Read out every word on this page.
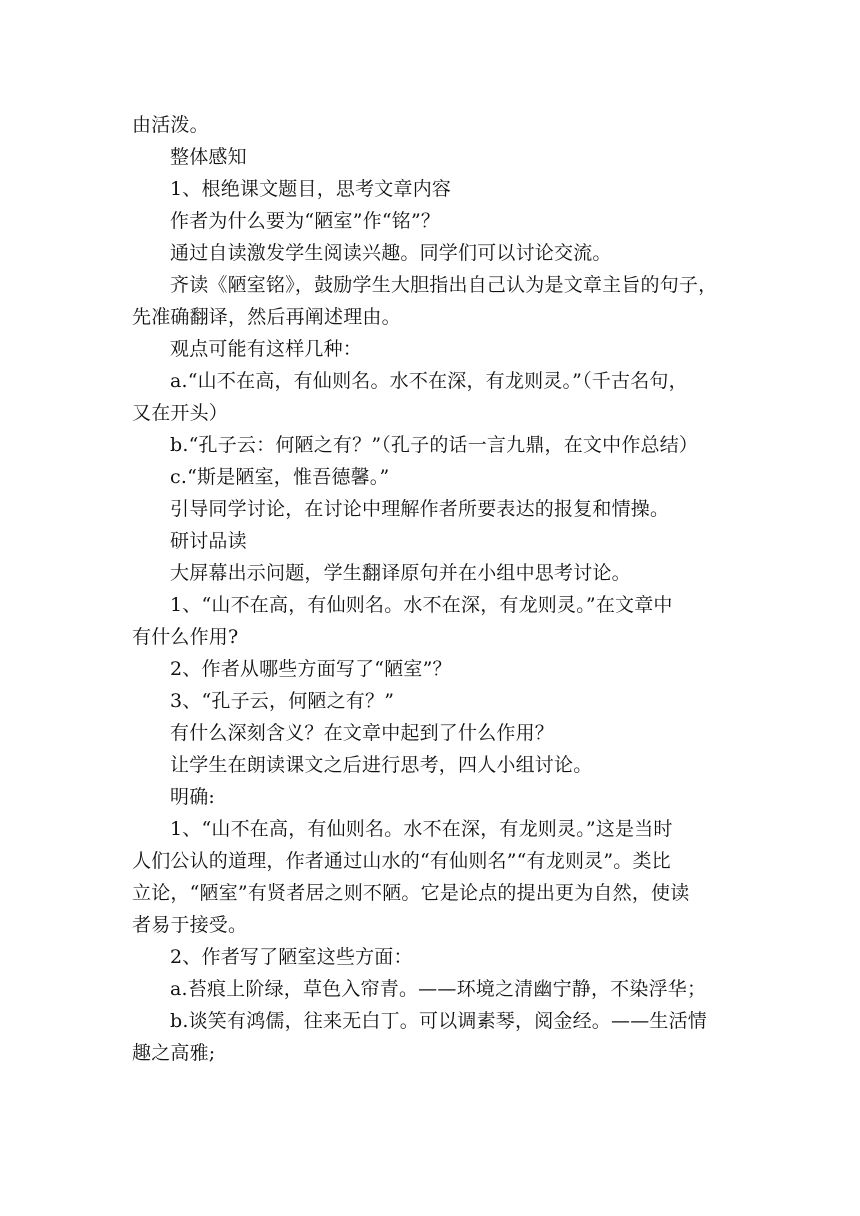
由活泼。

整体感知

1、根绝课文题目，思考文章内容

作者为什么要为“陋室”作“铭”？

通过自读激发学生阅读兴趣。同学们可以讨论交流。

齐读《陋室铭》，鼓励学生大胆指出自己认为是文章主旨的句子，

先准确翻译，然后再阐述理由。

观点可能有这样几种：

a.“山不在高，有仙则名。水不在深，有龙则灵。”（千古名句，

又在开头）

b.“孔子云：何陋之有？”（孔子的话一言九鼎，在文中作总结）

c.“斯是陋室，惟吾德馨。”

引导同学讨论，在讨论中理解作者所要表达的报复和情操。

研讨品读

大屏幕出示问题，学生翻译原句并在小组中思考讨论。

1、“山不在高，有仙则名。水不在深，有龙则灵。”在文章中

有什么作用?

2、作者从哪些方面写了“陋室”？

3、“孔子云，何陋之有？”

有什么深刻含义？在文章中起到了什么作用？

让学生在朗读课文之后进行思考，四人小组讨论。

明确:

1、“山不在高，有仙则名。水不在深，有龙则灵。”这是当时

人们公认的道理，作者通过山水的“有仙则名”“有龙则灵”。类比

立论，“陋室”有贤者居之则不陋。它是论点的提出更为自然，使读

者易于接受。

2、作者写了陋室这些方面：

a.苔痕上阶绿，草色入帘青。——环境之清幽宁静，不染浮华；

b.谈笑有鸿儒，往来无白丁。可以调素琴，阅金经。——生活情

趣之高雅;
